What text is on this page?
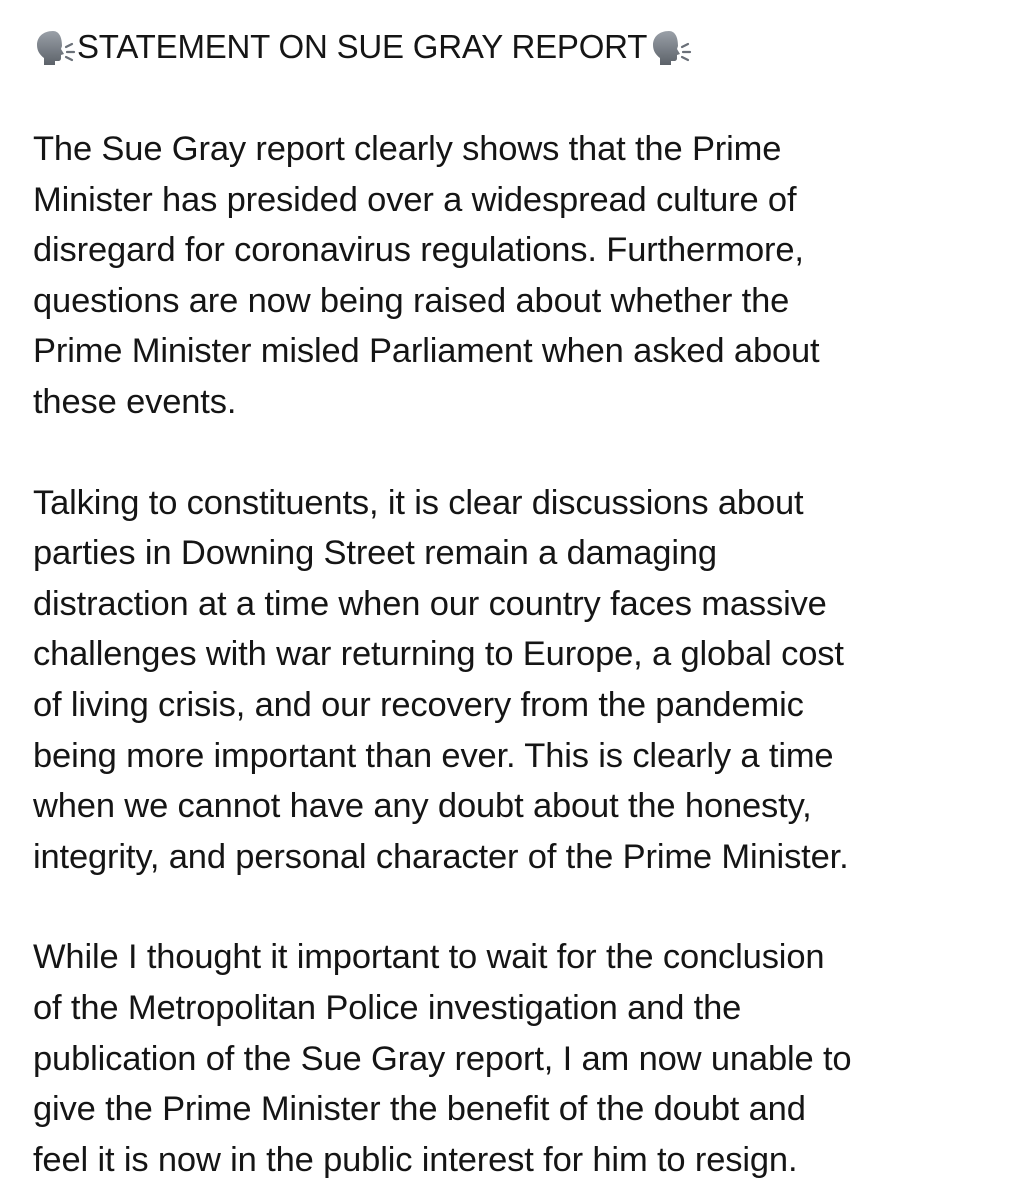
STATEMENT ON SUE GRAY REPORT

The Sue Gray report clearly shows that the Prime
Minister has presided over a widespread culture of
disregard for coronavirus regulations. Furthermore,
questions are now being raised about whether the
Prime Minister misled Parliament when asked about
these events.

Talking to constituents, it is clear discussions about
parties in Downing Street remain a damaging
distraction at a time when our country faces massive
challenges with war returning to Europe, a global cost
of living crisis, and our recovery from the pandemic
being more important than ever. This is clearly a time
when we cannot have any doubt about the honesty,
integrity, and personal character of the Prime Minister.

While I thought it important to wait for the conclusion
of the Metropolitan Police investigation and the
publication of the Sue Gray report, I am now unable to
give the Prime Minister the benefit of the doubt and
feel it is now in the public interest for him to resign.
